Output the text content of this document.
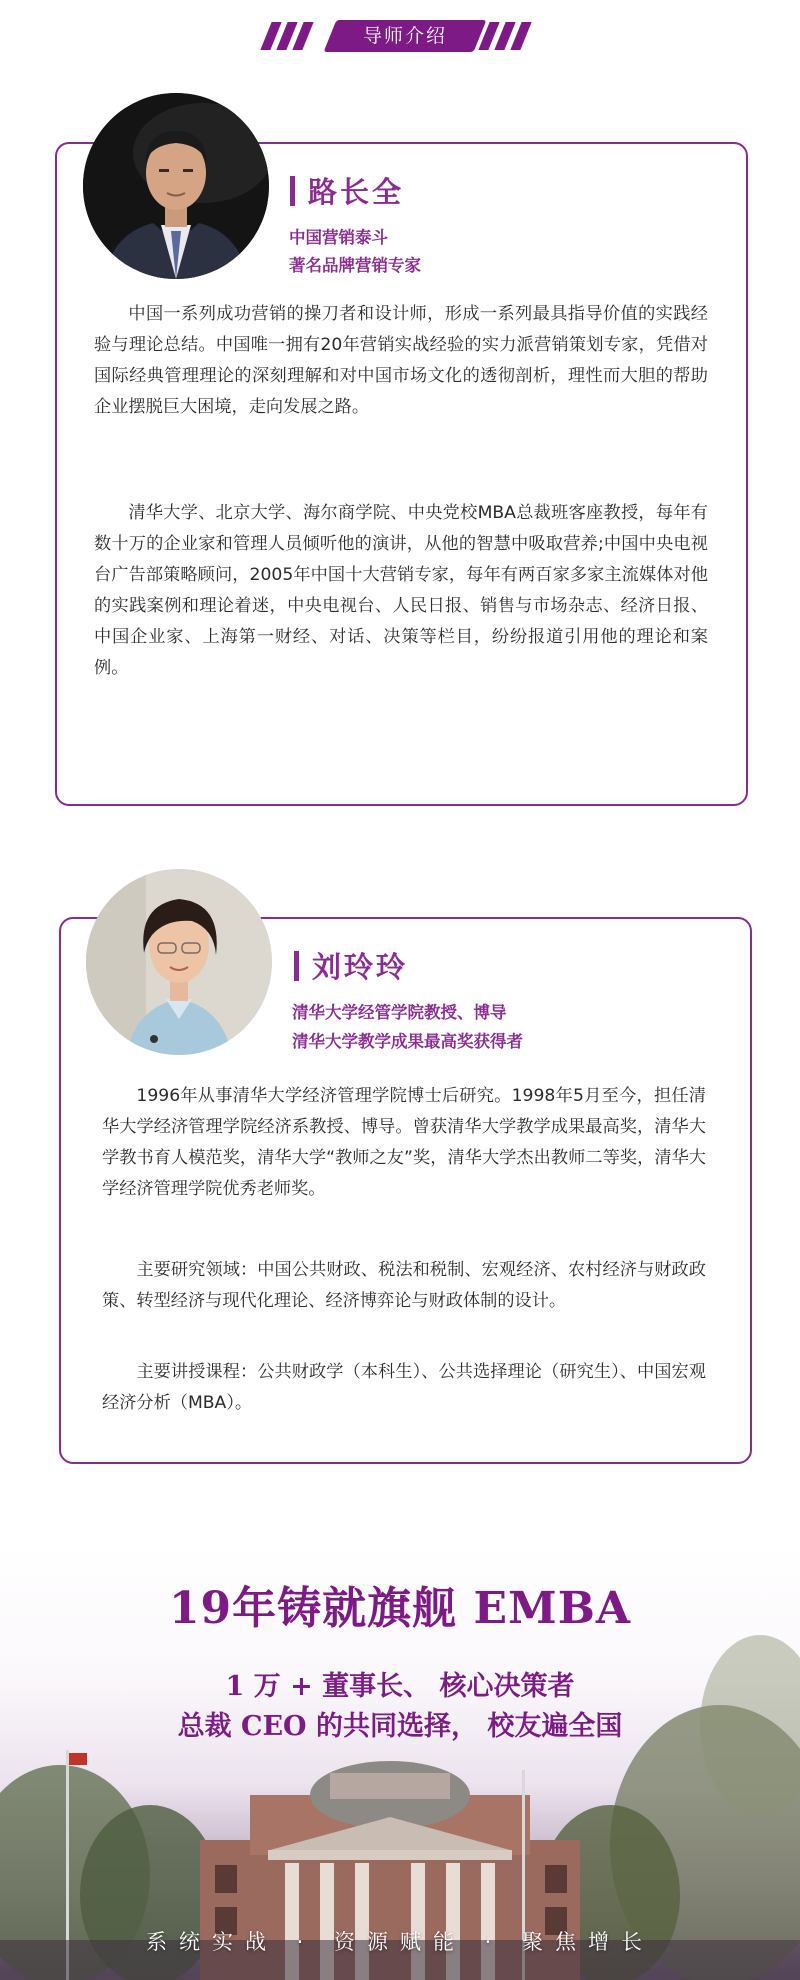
导师介绍
路长全
中国营销泰斗
著名品牌营销专家
中国一系列成功营销的操刀者和设计师，形成一系列最具指导价值的实践经验与理论总结。中国唯一拥有20年营销实战经验的实力派营销策划专家，凭借对国际经典管理理论的深刻理解和对中国市场文化的透彻剖析，理性而大胆的帮助企业摆脱巨大困境，走向发展之路。
清华大学、北京大学、海尔商学院、中央党校MBA总裁班客座教授，每年有数十万的企业家和管理人员倾听他的演讲，从他的智慧中吸取营养;中国中央电视台广告部策略顾问，2005年中国十大营销专家，每年有两百家多家主流媒体对他的实践案例和理论着迷，中央电视台、人民日报、销售与市场杂志、经济日报、中国企业家、上海第一财经、对话、决策等栏目，纷纷报道引用他的理论和案例。
刘玲玲
清华大学经管学院教授、博导
清华大学教学成果最高奖获得者
1996年从事清华大学经济管理学院博士后研究。1998年5月至今，担任清华大学经济管理学院经济系教授、博导。曾获清华大学教学成果最高奖，清华大学教书育人模范奖，清华大学“教师之友”奖，清华大学杰出教师二等奖，清华大学经济管理学院优秀老师奖。
主要研究领域：中国公共财政、税法和税制、宏观经济、农村经济与财政政策、转型经济与现代化理论、经济博弈论与财政体制的设计。
主要讲授课程：公共财政学（本科生）、公共选择理论（研究生）、中国宏观经济分析（MBA）。
19年铸就旗舰 EMBA
1 万 + 董事长、 核心决策者
总裁 CEO 的共同选择， 校友遍全国
系统实战 · 资源赋能 · 聚焦增长
